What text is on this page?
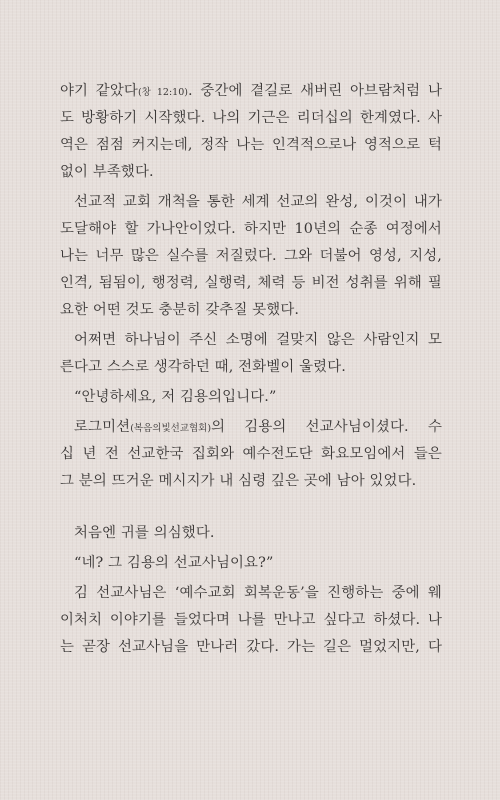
야기 같았다(창 12:10). 중간에 곁길로 새버린 아브람처럼 나
도 방황하기 시작했다. 나의 기근은 리더십의 한계였다. 사
역은 점점 커지는데, 정작 나는 인격적으로나 영적으로 턱
없이 부족했다.
선교적 교회 개척을 통한 세계 선교의 완성, 이것이 내가
도달해야 할 가나안이었다. 하지만 10년의 순종 여정에서
나는 너무 많은 실수를 저질렀다. 그와 더불어 영성, 지성,
인격, 됨됨이, 행정력, 실행력, 체력 등 비전 성취를 위해 필
요한 어떤 것도 충분히 갖추질 못했다.
어쩌면 하나님이 주신 소명에 걸맞지 않은 사람인지 모
른다고 스스로 생각하던 때, 전화벨이 울렸다.
“안녕하세요, 저 김용의입니다.”
로그미션(복음의빛선교협회)의 김용의 선교사님이셨다. 수
십 년 전 선교한국 집회와 예수전도단 화요모임에서 들은
그 분의 뜨거운 메시지가 내 심령 깊은 곳에 남아 있었다.
처음엔 귀를 의심했다.
“네? 그 김용의 선교사님이요?”
김 선교사님은 ‘예수교회 회복운동’을 진행하는 중에 웨
이처치 이야기를 들었다며 나를 만나고 싶다고 하셨다. 나
는 곧장 선교사님을 만나러 갔다. 가는 길은 멀었지만, 다
